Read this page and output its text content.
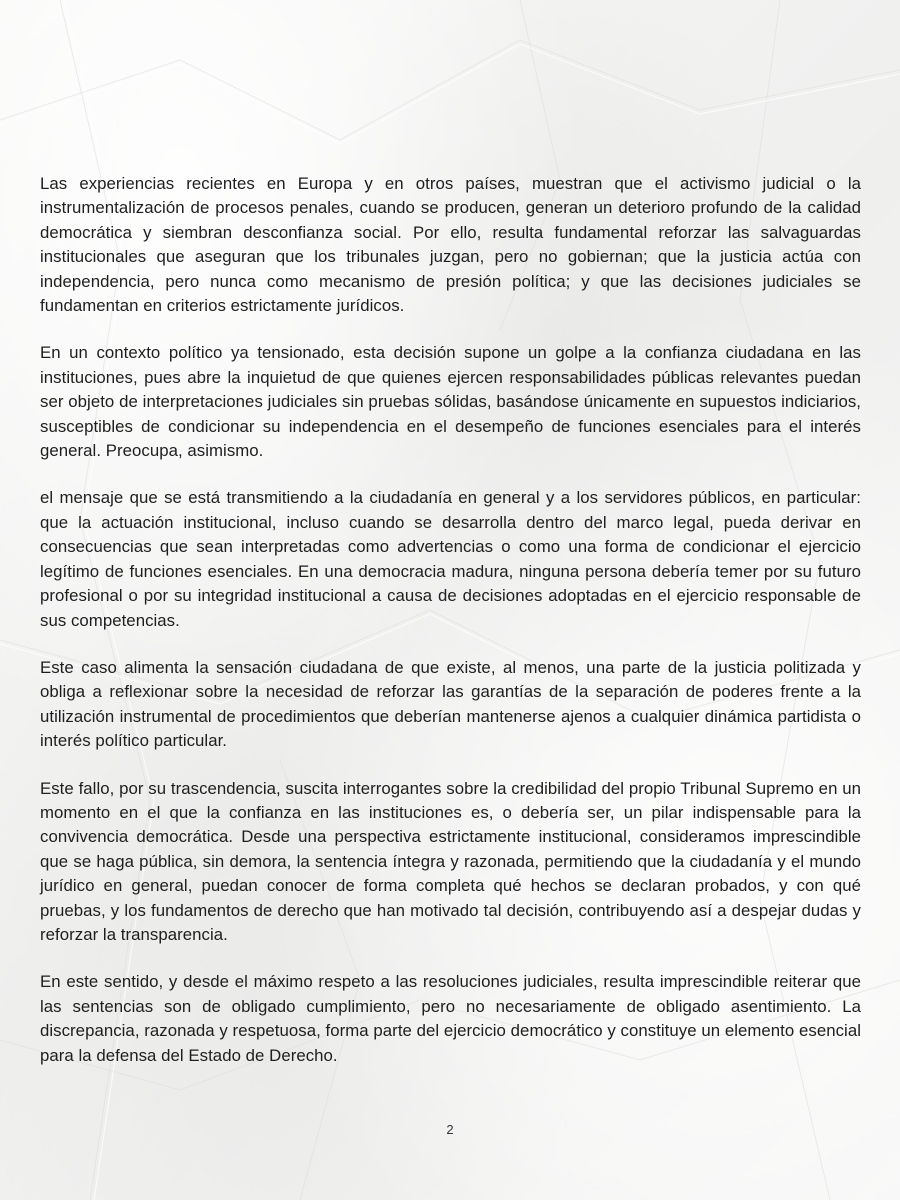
Las experiencias recientes en Europa y en otros países, muestran que el activismo judicial o la instrumentalización de procesos penales, cuando se producen, generan un deterioro profundo de la calidad democrática y siembran desconfianza social. Por ello, resulta fundamental reforzar las salvaguardas institucionales que aseguran que los tribunales juzgan, pero no gobiernan; que la justicia actúa con independencia, pero nunca como mecanismo de presión política; y que las decisiones judiciales se fundamentan en criterios estrictamente jurídicos.

En un contexto político ya tensionado, esta decisión supone un golpe a la confianza ciudadana en las instituciones, pues abre la inquietud de que quienes ejercen responsabilidades públicas relevantes puedan ser objeto de interpretaciones judiciales sin pruebas sólidas, basándose únicamente en supuestos indiciarios, susceptibles de condicionar su independencia en el desempeño de funciones esenciales para el interés general. Preocupa, asimismo.

el mensaje que se está transmitiendo a la ciudadanía en general y a los servidores públicos, en particular: que la actuación institucional, incluso cuando se desarrolla dentro del marco legal, pueda derivar en consecuencias que sean interpretadas como advertencias o como una forma de condicionar el ejercicio legítimo de funciones esenciales. En una democracia madura, ninguna persona debería temer por su futuro profesional o por su integridad institucional a causa de decisiones adoptadas en el ejercicio responsable de sus competencias.

Este caso alimenta la sensación ciudadana de que existe, al menos, una parte de la justicia politizada y obliga a reflexionar sobre la necesidad de reforzar las garantías de la separación de poderes frente a la utilización instrumental de procedimientos que deberían mantenerse ajenos a cualquier dinámica partidista o interés político particular.

Este fallo, por su trascendencia, suscita interrogantes sobre la credibilidad del propio Tribunal Supremo en un momento en el que la confianza en las instituciones es, o debería ser, un pilar indispensable para la convivencia democrática. Desde una perspectiva estrictamente institucional, consideramos imprescindible que se haga pública, sin demora, la sentencia íntegra y razonada, permitiendo que la ciudadanía y el mundo jurídico en general, puedan conocer de forma completa qué hechos se declaran probados, y con qué pruebas, y los fundamentos de derecho que han motivado tal decisión, contribuyendo así a despejar dudas y reforzar la transparencia.

En este sentido, y desde el máximo respeto a las resoluciones judiciales, resulta imprescindible reiterar que las sentencias son de obligado cumplimiento, pero no necesariamente de obligado asentimiento. La discrepancia, razonada y respetuosa, forma parte del ejercicio democrático y constituye un elemento esencial para la defensa del Estado de Derecho.

2
